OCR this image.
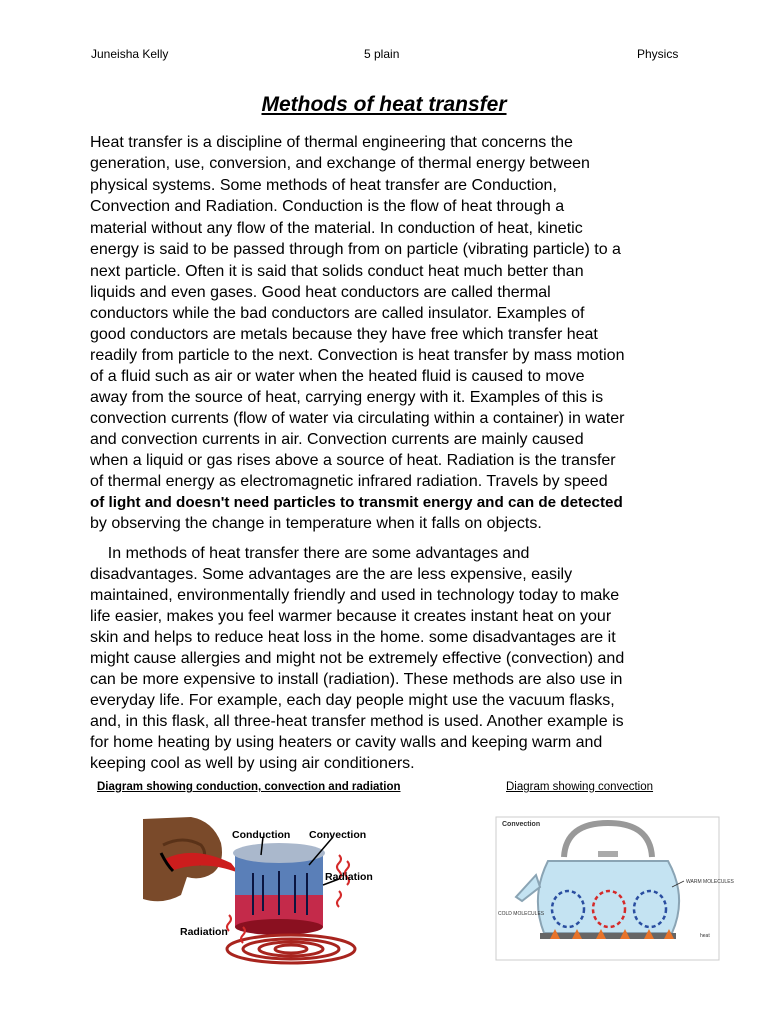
Juneisha Kelly	5 plain	Physics
Methods of heat transfer
Heat transfer is a discipline of thermal engineering that concerns the
generation, use, conversion, and exchange of thermal energy between
physical systems. Some methods of heat transfer are Conduction,
Convection and Radiation. Conduction is the flow of heat through a
material without any flow of the material. In conduction of heat, kinetic
energy is said to be passed through from on particle (vibrating particle) to a
next particle. Often it is said that solids conduct heat much better than
liquids and even gases. Good heat conductors are called thermal
conductors while the bad conductors are called insulator. Examples of
good conductors are metals because they have free which transfer heat
readily from particle to the next. Convection is heat transfer by mass motion
of a fluid such as air or water when the heated fluid is caused to move
away from the source of heat, carrying energy with it. Examples of this is
convection currents (flow of water via circulating within a container) in water
and convection currents in air. Convection currents are mainly caused
when a liquid or gas rises above a source of heat. Radiation is the transfer
of thermal energy as electromagnetic infrared radiation. Travels by speed
of light and doesn't need particles to transmit energy and can de detected
by observing the change in temperature when it falls on objects.
In methods of heat transfer there are some advantages and
disadvantages. Some advantages are the are less expensive, easily
maintained, environmentally friendly and used in technology today to make
life easier, makes you feel warmer because it creates instant heat on your
skin and helps to reduce heat loss in the home. some disadvantages are it
might cause allergies and might not be extremely effective (convection) and
can be more expensive to install (radiation). These methods are also use in
everyday life. For example, each day people might use the vacuum flasks,
and, in this flask, all three-heat transfer method is used. Another example is
for home heating by using heaters or cavity walls and keeping warm and
keeping cool as well by using air conditioners.
Diagram showing conduction, convection and radiation	Diagram showing convection
Conduction Convection
Radiation
Radiation
Convection
WARM MOLECULES
COLD MOLECULES
heat
